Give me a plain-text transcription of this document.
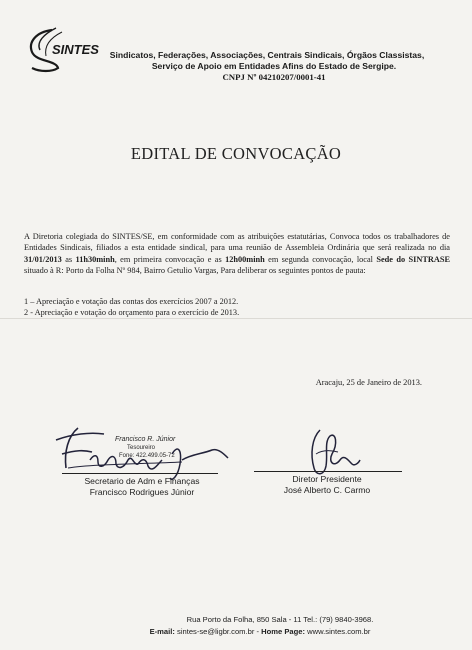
SINTES	Sindicatos, Federações, Associações, Centrais Sindicais, Órgãos Classistas,
Serviço de Apoio em Entidades Afins do Estado de Sergipe.
CNPJ Nº 04210207/0001-41
EDITAL DE CONVOCAÇÃO

A Diretoria colegiada do SINTES/SE, em conformidade com as atribuições estatutárias, Convoca todos os trabalhadores de Entidades Sindicais, filiados a esta entidade sindical, para uma reunião de Assembleia Ordinária que será realizada no dia 31/01/2013 as 11h30minh, em primeira convocação e as 12h00minh em segunda convocação, local Sede do SINTRASE situado à R: Porto da Folha Nº 984, Bairro Getulio Vargas, Para deliberar os seguintes pontos de pauta:

1 – Apreciação e votação das contas dos exercícios 2007 a 2012.
2 - Apreciação e votação do orçamento para o exercício de 2013.
Aracaju, 25 de Janeiro de 2013.
Francisco R. Júnior
Tesoureiro
Fone: 422.499.05-72
Secretario de Adm e Finanças
Francisco Rodrigues Júnior
Diretor Presidente
José Alberto C. Carmo
Rua Porto da Folha, 850 Sala - 11 Tel.: (79) 9840-3968.
E-mail: sintes-se@ligbr.com.br - Home Page: www.sintes.com.br
